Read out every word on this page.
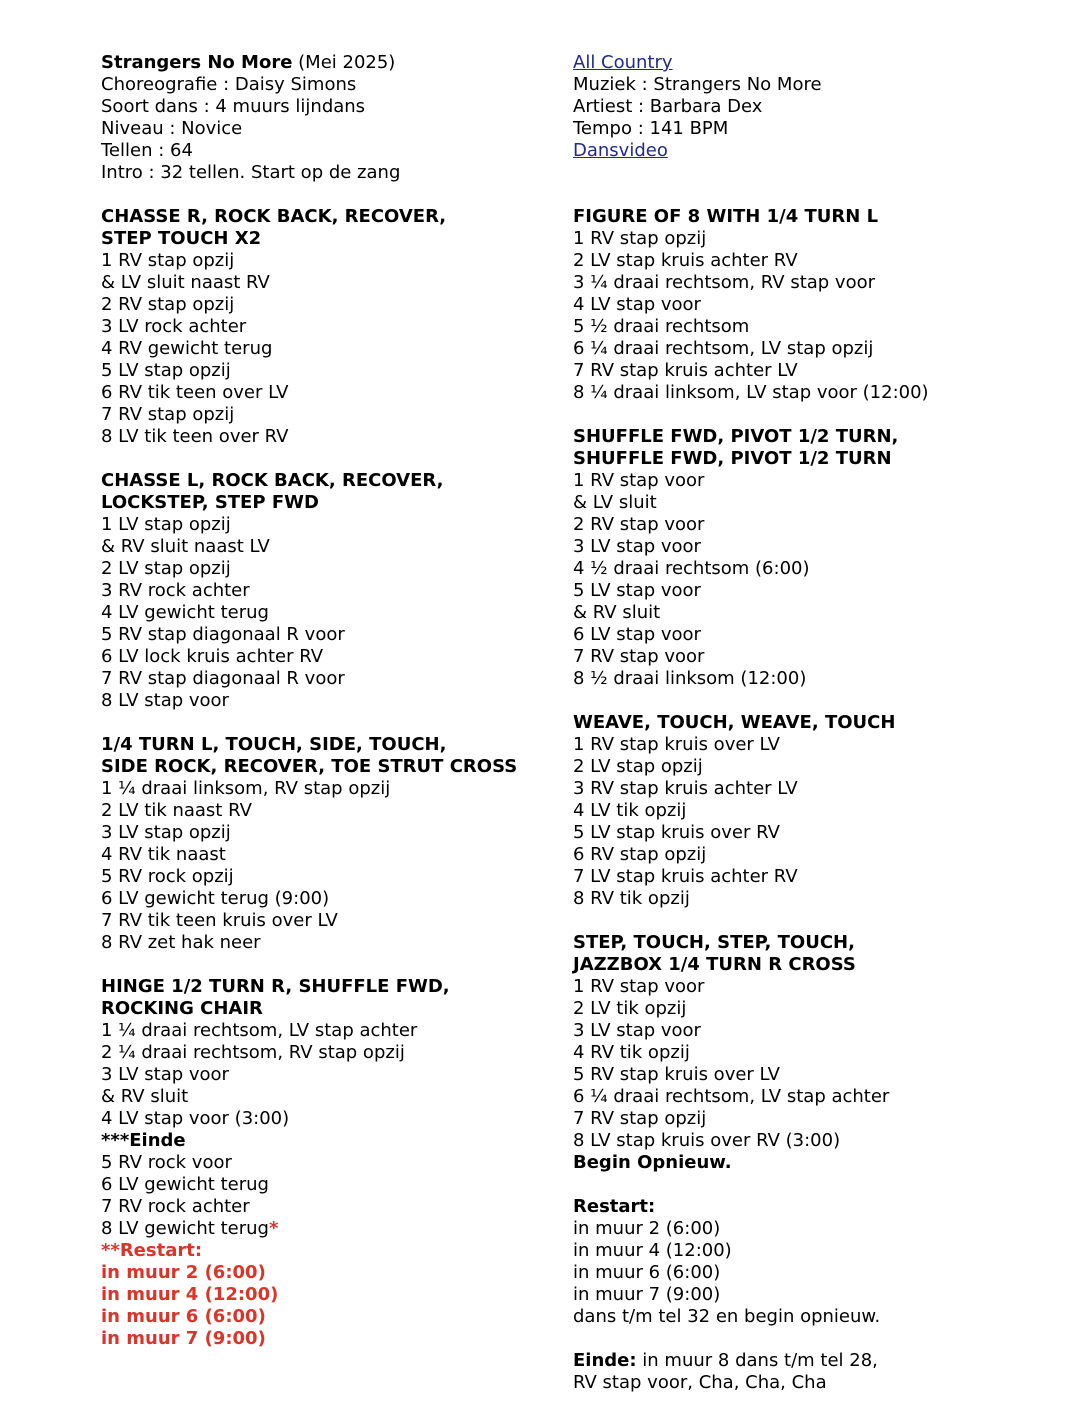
Strangers No More (Mei 2025)
Choreografie : Daisy Simons
Soort dans : 4 muurs lijndans
Niveau : Novice
Tellen : 64
Intro : 32 tellen. Start op de zang
CHASSE R, ROCK BACK, RECOVER,
STEP TOUCH X2
1 RV stap opzij
& LV sluit naast RV
2 RV stap opzij
3 LV rock achter
4 RV gewicht terug
5 LV stap opzij
6 RV tik teen over LV
7 RV stap opzij
8 LV tik teen over RV
CHASSE L, ROCK BACK, RECOVER,
LOCKSTEP, STEP FWD
1 LV stap opzij
& RV sluit naast LV
2 LV stap opzij
3 RV rock achter
4 LV gewicht terug
5 RV stap diagonaal R voor
6 LV lock kruis achter RV
7 RV stap diagonaal R voor
8 LV stap voor
1/4 TURN L, TOUCH, SIDE, TOUCH,
SIDE ROCK, RECOVER, TOE STRUT CROSS
1 ¼ draai linksom, RV stap opzij
2 LV tik naast RV
3 LV stap opzij
4 RV tik naast
5 RV rock opzij
6 LV gewicht terug (9:00)
7 RV tik teen kruis over LV
8 RV zet hak neer
HINGE 1/2 TURN R, SHUFFLE FWD,
ROCKING CHAIR
1 ¼ draai rechtsom, LV stap achter
2 ¼ draai rechtsom, RV stap opzij
3 LV stap voor
& RV sluit
4 LV stap voor (3:00)
***Einde
5 RV rock voor
6 LV gewicht terug
7 RV rock achter
8 LV gewicht terug*
**Restart:
in muur 2 (6:00)
in muur 4 (12:00)
in muur 6 (6:00)
in muur 7 (9:00)
All Country
Muziek : Strangers No More
Artiest : Barbara Dex
Tempo : 141 BPM
Dansvideo
FIGURE OF 8 WITH 1/4 TURN L
1 RV stap opzij
2 LV stap kruis achter RV
3 ¼ draai rechtsom, RV stap voor
4 LV stap voor
5 ½ draai rechtsom
6 ¼ draai rechtsom, LV stap opzij
7 RV stap kruis achter LV
8 ¼ draai linksom, LV stap voor (12:00)
SHUFFLE FWD, PIVOT 1/2 TURN,
SHUFFLE FWD, PIVOT 1/2 TURN
1 RV stap voor
& LV sluit
2 RV stap voor
3 LV stap voor
4 ½ draai rechtsom (6:00)
5 LV stap voor
& RV sluit
6 LV stap voor
7 RV stap voor
8 ½ draai linksom (12:00)
WEAVE, TOUCH, WEAVE, TOUCH
1 RV stap kruis over LV
2 LV stap opzij
3 RV stap kruis achter LV
4 LV tik opzij
5 LV stap kruis over RV
6 RV stap opzij
7 LV stap kruis achter RV
8 RV tik opzij
STEP, TOUCH, STEP, TOUCH,
JAZZBOX 1/4 TURN R CROSS
1 RV stap voor
2 LV tik opzij
3 LV stap voor
4 RV tik opzij
5 RV stap kruis over LV
6 ¼ draai rechtsom, LV stap achter
7 RV stap opzij
8 LV stap kruis over RV (3:00)
Begin Opnieuw.
Restart:
in muur 2 (6:00)
in muur 4 (12:00)
in muur 6 (6:00)
in muur 7 (9:00)
dans t/m tel 32 en begin opnieuw.
Einde: in muur 8 dans t/m tel 28,
RV stap voor, Cha, Cha, Cha
